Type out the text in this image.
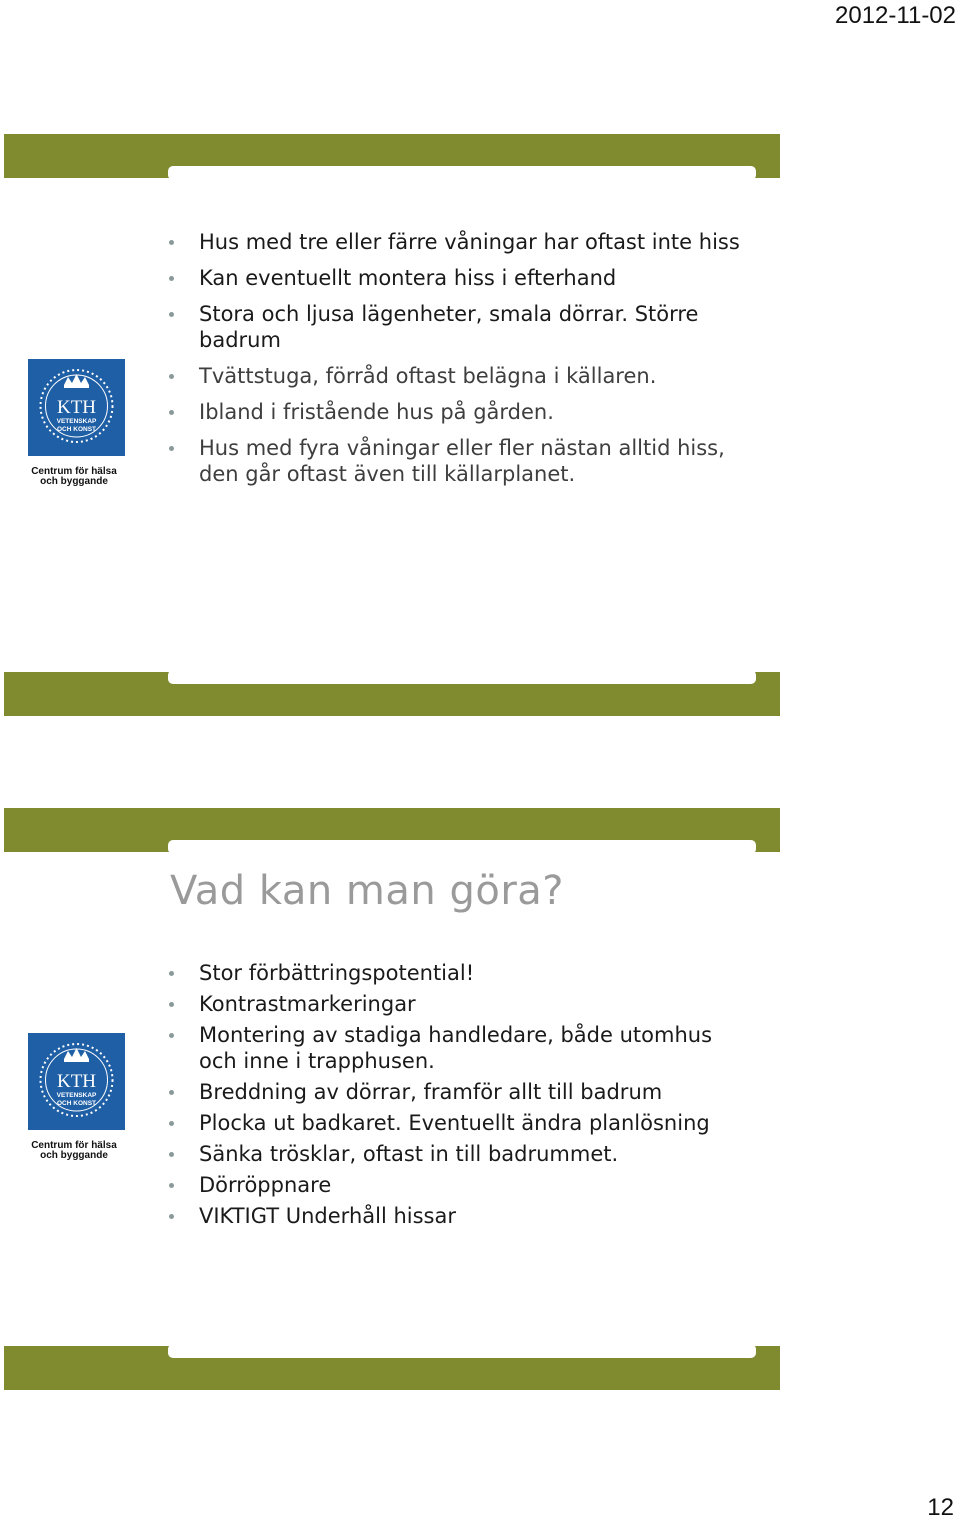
2012-11-02
KTH
VETENSKAP
OCH KONST
Centrum för hälsa
och byggande
Hus med tre eller färre våningar har oftast inte hiss
Kan eventuellt montera hiss i efterhand
Stora och ljusa lägenheter, smala dörrar. Större badrum
Tvättstuga, förråd oftast belägna i källaren.
Ibland i fristående hus på gården.
Hus med fyra våningar eller fler nästan alltid hiss, den går oftast även till källarplanet.
Vad kan man göra?
KTH
VETENSKAP
OCH KONST
Centrum för hälsa
och byggande
Stor förbättringspotential!
Kontrastmarkeringar
Montering av stadiga handledare, både utomhus och inne i trapphusen.
Breddning av dörrar, framför allt till badrum
Plocka ut badkaret. Eventuellt ändra planlösning
Sänka trösklar, oftast in till badrummet.
Dörröppnare
VIKTIGT Underhåll hissar
12
